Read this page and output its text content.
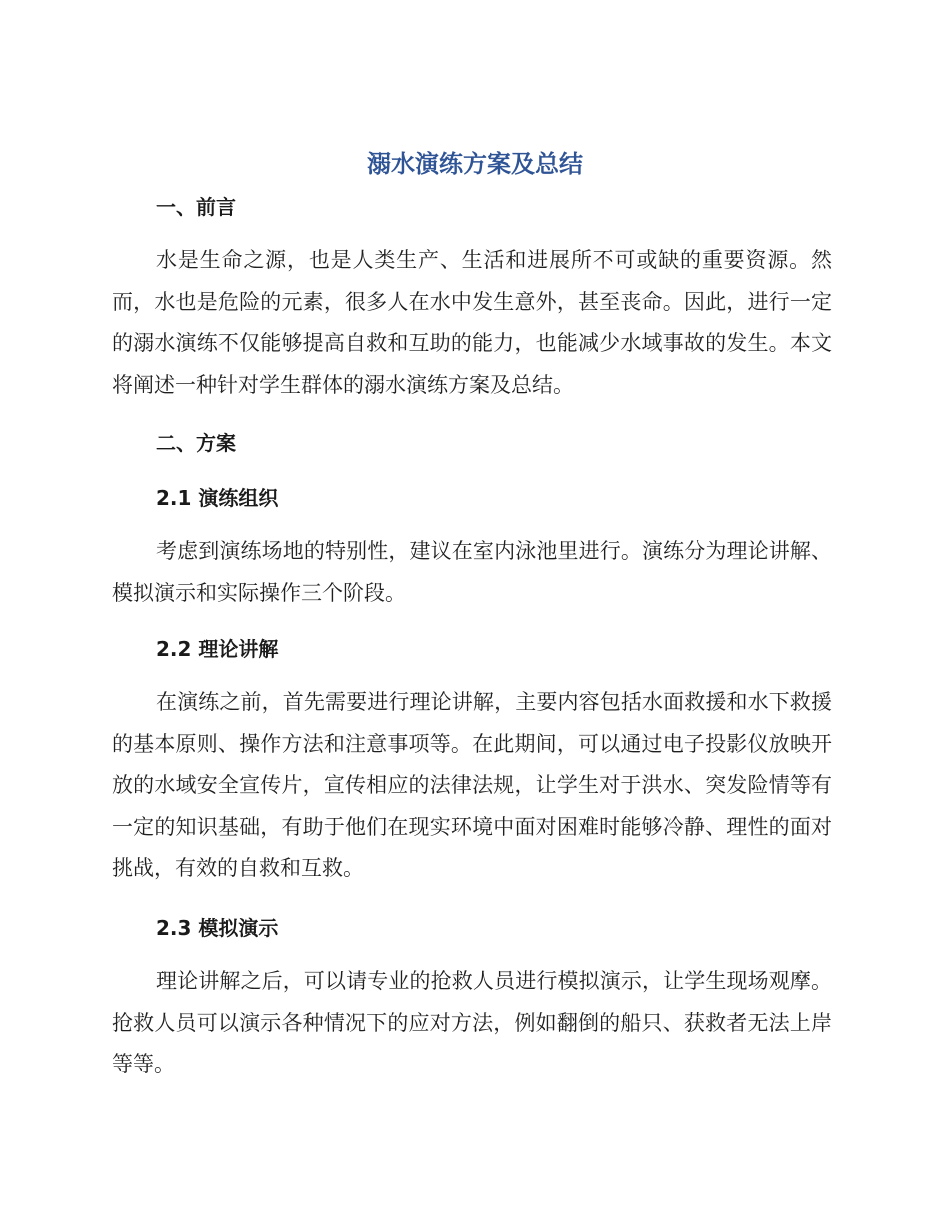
溺水演练方案及总结
一、前言

水是生命之源，也是人类生产、生活和进展所不可或缺的重要资源。然而，水也是危险的元素，很多人在水中发生意外，甚至丧命。因此，进行一定的溺水演练不仅能够提高自救和互助的能力，也能减少水域事故的发生。本文将阐述一种针对学生群体的溺水演练方案及总结。

二、方案
2.1 演练组织

考虑到演练场地的特别性，建议在室内泳池里进行。演练分为理论讲解、模拟演示和实际操作三个阶段。

2.2 理论讲解

在演练之前，首先需要进行理论讲解，主要内容包括水面救援和水下救援的基本原则、操作方法和注意事项等。在此期间，可以通过电子投影仪放映开放的水域安全宣传片，宣传相应的法律法规，让学生对于洪水、突发险情等有一定的知识基础，有助于他们在现实环境中面对困难时能够冷静、理性的面对挑战，有效的自救和互救。

2.3 模拟演示

理论讲解之后，可以请专业的抢救人员进行模拟演示，让学生现场观摩。抢救人员可以演示各种情况下的应对方法，例如翻倒的船只、获救者无法上岸等等。
